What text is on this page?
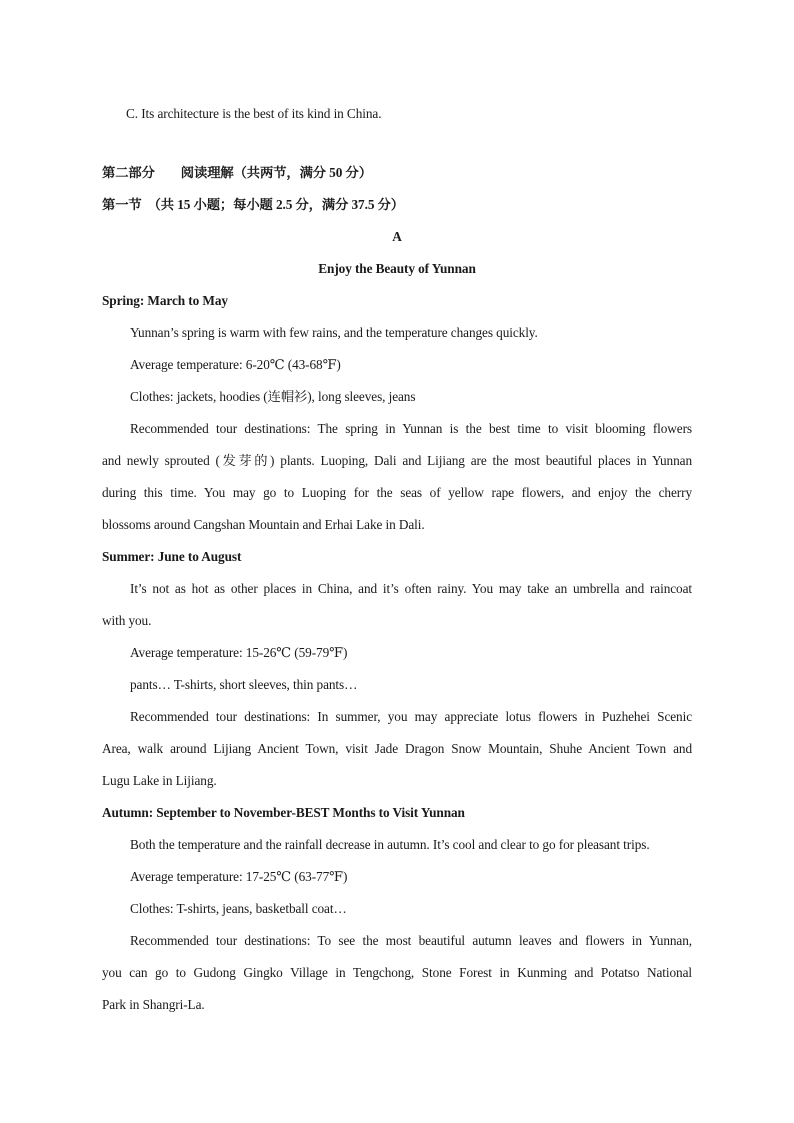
C. Its architecture is the best of its kind in China.
第二部分 阅读理解（共两节，满分 50 分）
第一节 （共 15 小题；每小题 2.5 分，满分 37.5 分）
A
Enjoy the Beauty of Yunnan
Spring: March to May
Yunnan’s spring is warm with few rains, and the temperature changes quickly.
Average temperature: 6-20℃ (43-68℉)
Clothes: jackets, hoodies (连帽衫), long sleeves, jeans
Recommended tour destinations: The spring in Yunnan is the best time to visit blooming flowers
and newly sprouted (发芽的) plants. Luoping, Dali and Lijiang are the most beautiful places in Yunnan
during this time. You may go to Luoping for the seas of yellow rape flowers, and enjoy the cherry
blossoms around Cangshan Mountain and Erhai Lake in Dali.
Summer: June to August
It’s not as hot as other places in China, and it’s often rainy. You may take an umbrella and raincoat
with you.
Average temperature: 15-26℃ (59-79℉)
pants… T-shirts, short sleeves, thin pants…
Recommended tour destinations: In summer, you may appreciate lotus flowers in Puzhehei Scenic
Area, walk around Lijiang Ancient Town, visit Jade Dragon Snow Mountain, Shuhe Ancient Town and
Lugu Lake in Lijiang.
Autumn: September to November-BEST Months to Visit Yunnan
Both the temperature and the rainfall decrease in autumn. It’s cool and clear to go for pleasant trips.
Average temperature: 17-25℃ (63-77℉)
Clothes: T-shirts, jeans, basketball coat…
Recommended tour destinations: To see the most beautiful autumn leaves and flowers in Yunnan,
you can go to Gudong Gingko Village in Tengchong, Stone Forest in Kunming and Potatso National
Park in Shangri-La.
